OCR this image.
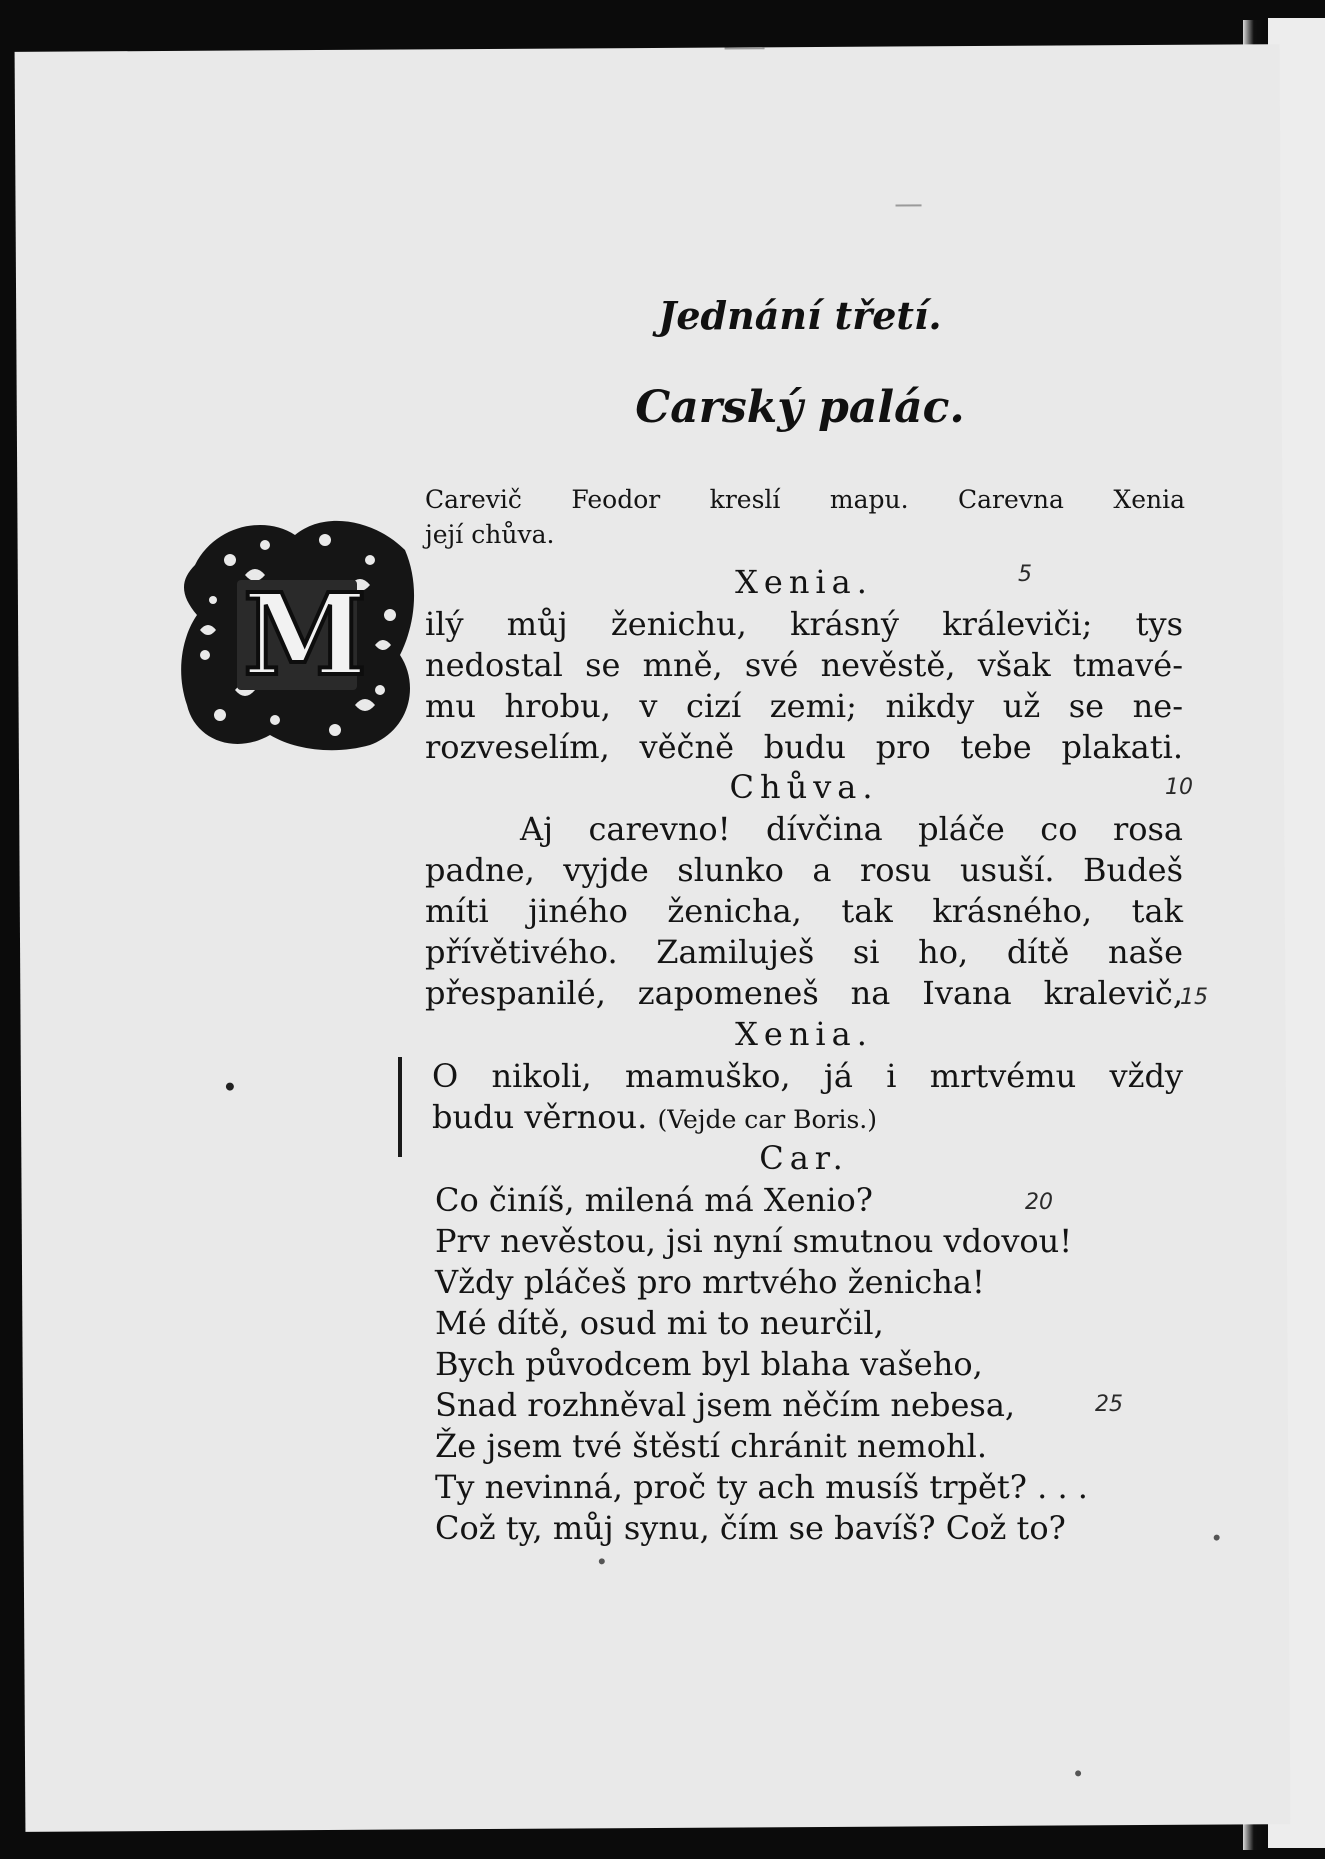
Jednání třetí.
Carský palác.
Carevič Feodor kreslí mapu. Carevna Xenia
její chůva.
M	Xenia.
ilý můj ženichu, krásný králeviči; tys
nedostal se mně, své nevěstě, však tmavé-
mu hrobu, v cizí zemi; nikdy už se ne-
rozveselím, věčně budu pro tebe plakati.
Chůva.
Aj carevno! dívčina pláče co rosa
padne, vyjde slunko a rosu usuší. Budeš
míti jiného ženicha, tak krásného, tak
přívětivého. Zamiluješ si ho, dítě naše
přespanilé, zapomeneš na Ivana kralevič,
Xenia.
O nikoli, mamuško, já i mrtvému vždy
budu věrnou. (Vejde car Boris.)
Car.
Co činíš, milená má Xenio?
Prv nevěstou, jsi nyní smutnou vdovou!
Vždy pláčeš pro mrtvého ženicha!
Mé dítě, osud mi to neurčil,
Bych původcem byl blaha vašeho,
Snad rozhněval jsem něčím nebesa,
Že jsem tvé štěstí chránit nemohl.
Ty nevinná, proč ty ach musíš trpět? . . .
Což ty, můj synu, čím se bavíš? Což to?
5
10
15
20
25
